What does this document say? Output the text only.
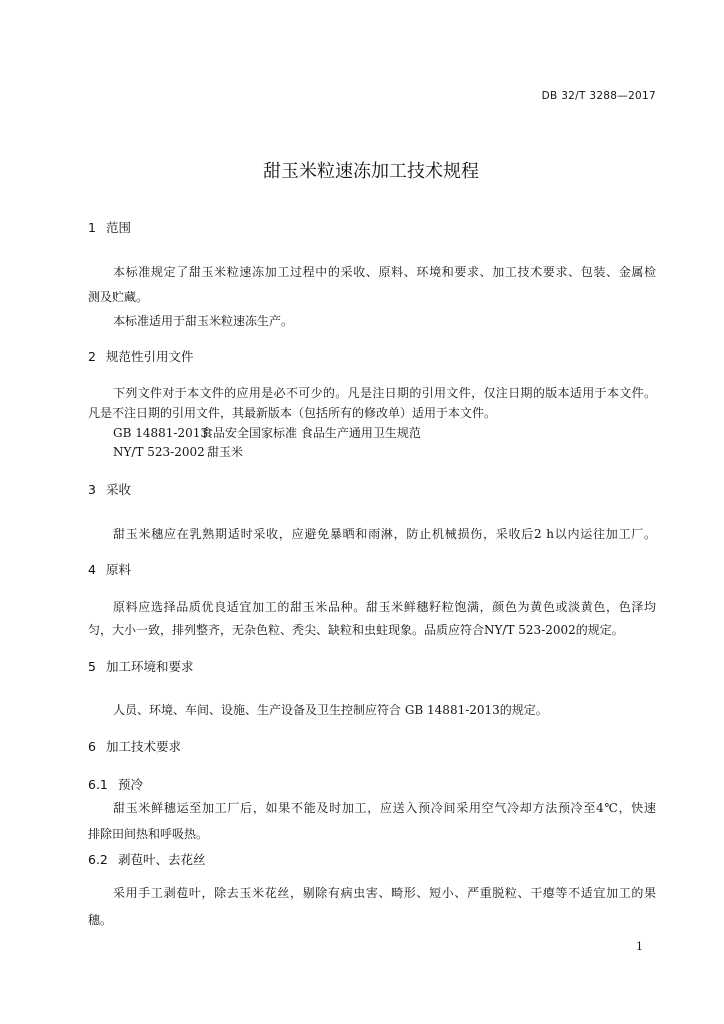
DB 32/T 3288—2017
甜玉米粒速冻加工技术规程
1 范围
本标准规定了甜玉米粒速冻加工过程中的采收、原料、环境和要求、加工技术要求、包装、金属检
测及贮藏。
本标准适用于甜玉米粒速冻生产。
2 规范性引用文件
下列文件对于本文件的应用是必不可少的。凡是注日期的引用文件，仅注日期的版本适用于本文件。
凡是不注日期的引用文件，其最新版本（包括所有的修改单）适用于本文件。
GB 14881-2013
食品安全国家标准 食品生产通用卫生规范
NY/T 523-2002 甜玉米
3 采收
甜玉米穗应在乳熟期适时采收，应避免暴晒和雨淋，防止机械损伤，采收后2 h以内运往加工厂。
4 原料
原料应选择品质优良适宜加工的甜玉米品种。甜玉米鲜穗籽粒饱满，颜色为黄色或淡黄色，色泽均
匀，大小一致，排列整齐，无杂色粒、秃尖、缺粒和虫蛀现象。品质应符合NY/T 523-2002的规定。
5 加工环境和要求
人员、环境、车间、设施、生产设备及卫生控制应符合 GB 14881-2013的规定。
6 加工技术要求
6.1 预冷
甜玉米鲜穗运至加工厂后，如果不能及时加工，应送入预冷间采用空气冷却方法预冷至4℃，快速
排除田间热和呼吸热。
6.2 剥苞叶、去花丝
采用手工剥苞叶，除去玉米花丝，剔除有病虫害、畸形、短小、严重脱粒、干瘪等不适宜加工的果
穗。
1
